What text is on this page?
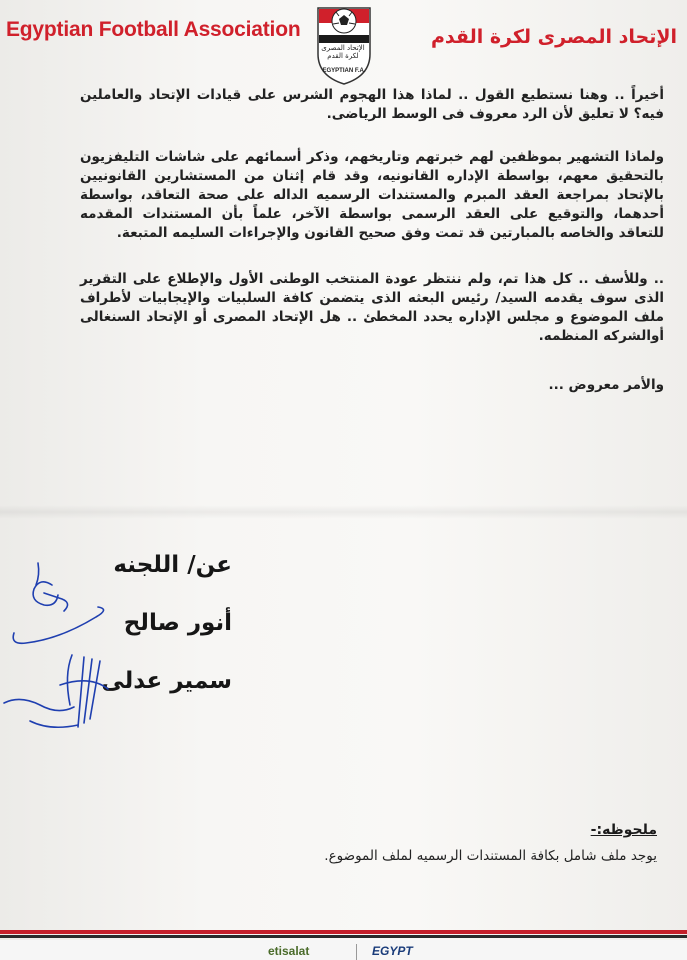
Egyptian Football Association
الإتحاد المصرى لكرة القدم
EGYPTIAN F.A.
الإتحاد المصرى لكرة القدم
أخيراً .. وهنا نستطيع القول .. لماذا هذا الهجوم الشرس على قيادات الإتحاد والعاملين فيه؟ لا تعليق لأن الرد معروف فى الوسط الرياضى.
ولماذا التشهير بموظفين لهم خبرتهم وتاريخهم، وذكر أسمائهم على شاشات التليفزيون بالتحقيق معهم، بواسطة الإداره القانونيه، وقد قام إثنان من المستشارين القانونيين بالإتحاد بمراجعة العقد المبرم والمستندات الرسميه الداله على صحة التعاقد، بواسطة أحدهما، والتوقيع على العقد الرسمى بواسطة الآخر، علماً بأن المستندات المقدمه للتعاقد والخاصه بالمبارتين قد تمت وفق صحيح القانون والإجراءات السليمه المتبعة.
.. وللأسف .. كل هذا تم، ولم ننتظر عودة المنتخب الوطنى الأول والإطلاع على التقرير الذى سوف يقدمه السيد/ رئيس البعثه الذى يتضمن كافة السلبيات والإيجابيات لأطراف ملف الموضوع و مجلس الإداره يحدد المخطئ .. هل الإتحاد المصرى أو الإتحاد السنغالى أوالشركه المنظمه.
والأمر معروض ...
عن/ اللجنه
أنور صالح
سمير عدلى
ملحوظه:-
يوجد ملف شامل بكافة المستندات الرسميه لملف الموضوع.
etisalat	EGYPT
